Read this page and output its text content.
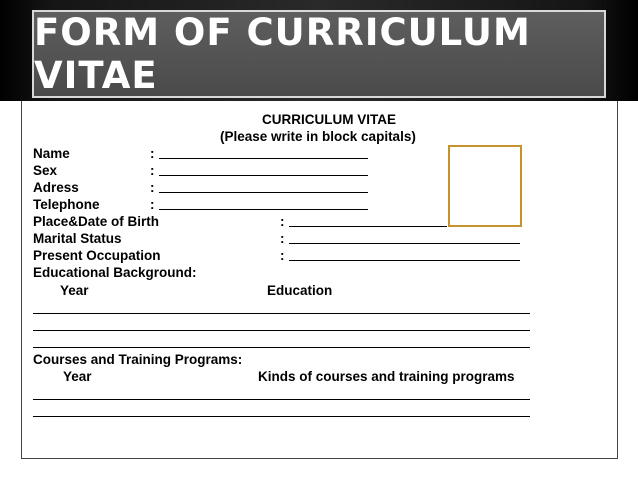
FORM OF CURRICULUM VITAE
CURRICULUM VITAE
(Please write in block capitals)
Name	:
Sex	:
Adress	:
Telephone	:
Place&Date of Birth	:
Marital Status	:
Present Occupation	:
Educational Background:
Year	Education
Courses and Training Programs:
Year	Kinds of courses and training programs
